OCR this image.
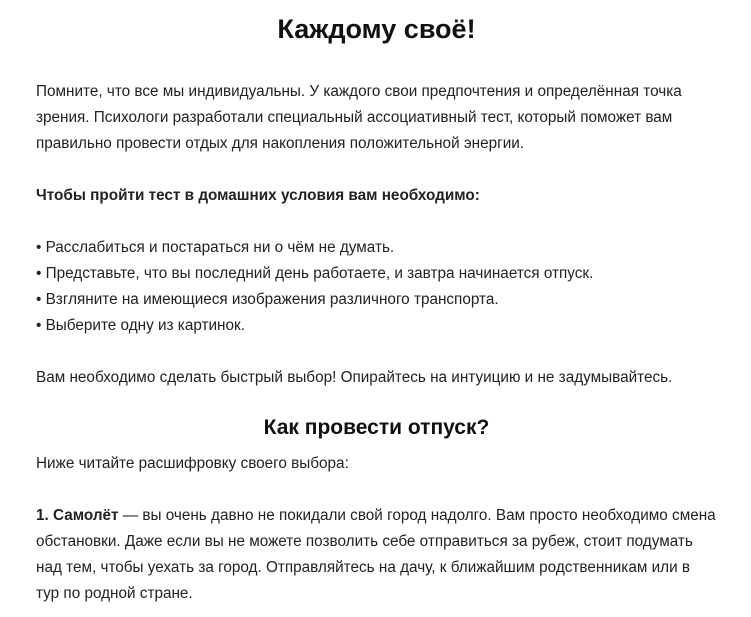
Каждому своё!

Помните, что все мы индивидуальны. У каждого свои предпочтения и определённая точка зрения. Психологи разработали специальный ассоциативный тест, который поможет вам правильно провести отдых для накопления положительной энергии.

Чтобы пройти тест в домашних условия вам необходимо:

• Расслабиться и постараться ни о чём не думать.
• Представьте, что вы последний день работаете, и завтра начинается отпуск.
• Взгляните на имеющиеся изображения различного транспорта.
• Выберите одну из картинок.

Вам необходимо сделать быстрый выбор! Опирайтесь на интуицию и не задумывайтесь.

Как провести отпуск?

Ниже читайте расшифровку своего выбора:

1. Самолёт — вы очень давно не покидали свой город надолго. Вам просто необходимо смена обстановки. Даже если вы не можете позволить себе отправиться за рубеж, стоит подумать над тем, чтобы уехать за город. Отправляйтесь на дачу, к ближайшим родственникам или в тур по родной стране.
